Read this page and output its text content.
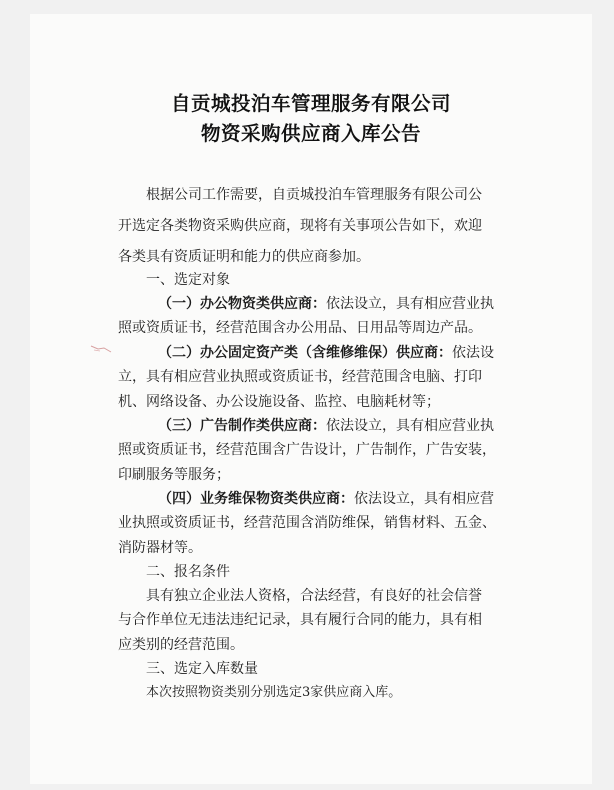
自贡城投泊车管理服务有限公司
物资采购供应商入库公告
根据公司工作需要，自贡城投泊车管理服务有限公司公
开选定各类物资采购供应商，现将有关事项公告如下，欢迎
各类具有资质证明和能力的供应商参加。
一、选定对象
（一）办公物资类供应商：依法设立，具有相应营业执
照或资质证书，经营范围含办公用品、日用品等周边产品。
（二）办公固定资产类（含维修维保）供应商：依法设
立，具有相应营业执照或资质证书，经营范围含电脑、打印
机、网络设备、办公设施设备、监控、电脑耗材等；
（三）广告制作类供应商：依法设立，具有相应营业执
照或资质证书，经营范围含广告设计，广告制作，广告安装，
印刷服务等服务；
（四）业务维保物资类供应商：依法设立，具有相应营
业执照或资质证书，经营范围含消防维保，销售材料、五金、
消防器材等。
二、报名条件
具有独立企业法人资格，合法经营，有良好的社会信誉
与合作单位无违法违纪记录，具有履行合同的能力，具有相
应类别的经营范围。
三、选定入库数量
本次按照物资类别分别选定3家供应商入库。
